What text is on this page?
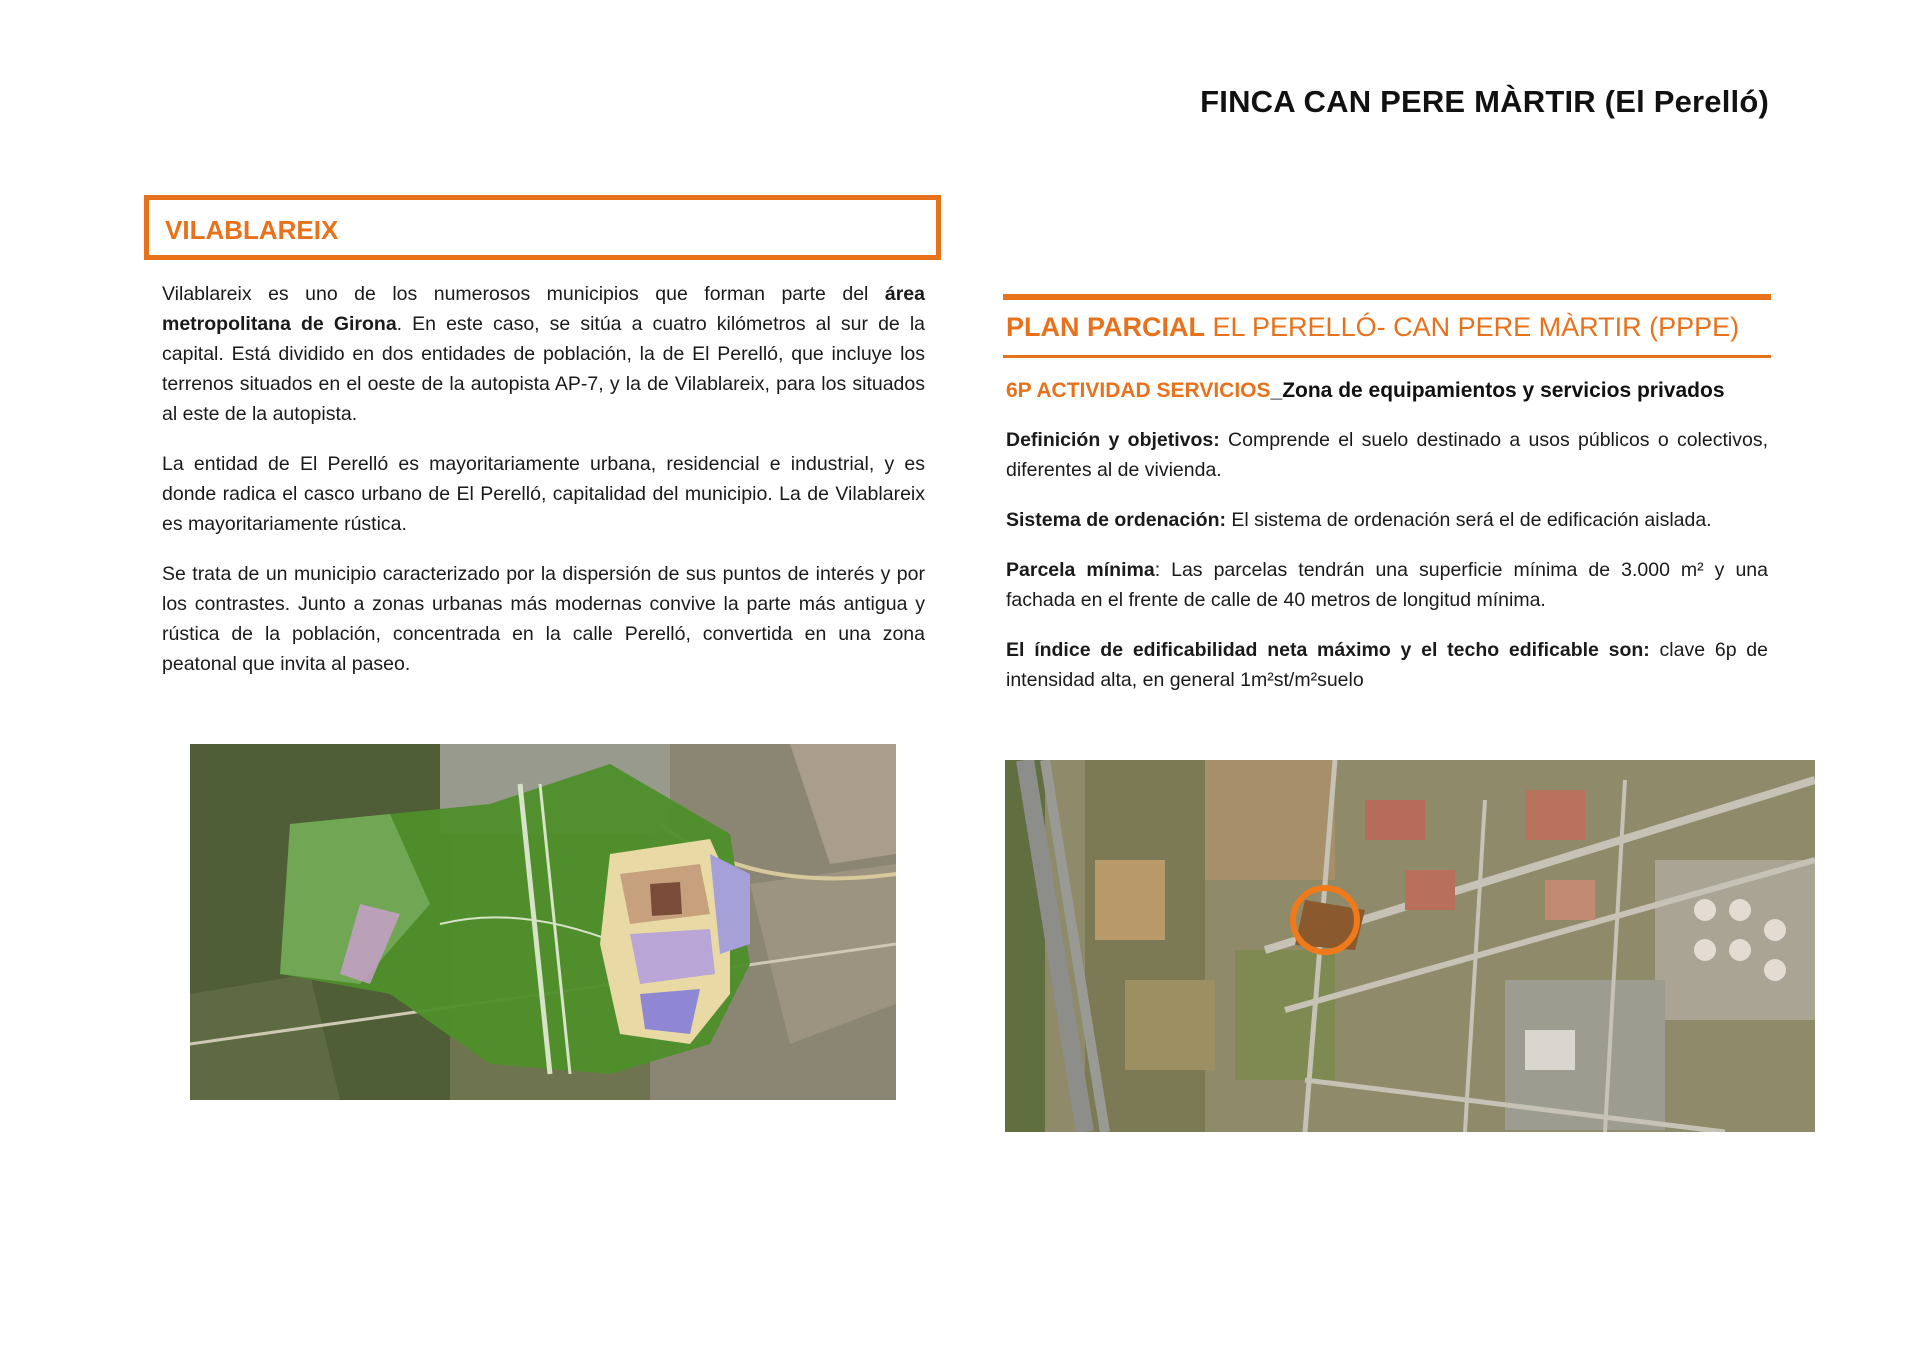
FINCA CAN PERE MÀRTIR (El Perelló)
VILABLAREIX

Vilablareix es uno de los numerosos municipios que forman parte del área metropolitana de Girona. En este caso, se sitúa a cuatro kilómetros al sur de la capital. Está dividido en dos entidades de población, la de El Perelló, que incluye los terrenos situados en el oeste de la autopista AP-7, y la de Vilablareix, para los situados al este de la autopista.

La entidad de El Perelló es mayoritariamente urbana, residencial e industrial, y es donde radica el casco urbano de El Perelló, capitalidad del municipio. La de Vilablareix es mayoritariamente rústica.

Se trata de un municipio caracterizado por la dispersión de sus puntos de interés y por los contrastes. Junto a zonas urbanas más modernas convive la parte más antigua y rústica de la población, concentrada en la calle Perelló, convertida en una zona peatonal que invita al paseo.

PLAN PARCIAL EL PERELLÓ- CAN PERE MÀRTIR (PPPE)
6P ACTIVIDAD SERVICIOS_Zona de equipamientos y servicios privados

Definición y objetivos: Comprende el suelo destinado a usos públicos o colectivos, diferentes al de vivienda.

Sistema de ordenación: El sistema de ordenación será el de edificación aislada.

Parcela mínima: Las parcelas tendrán una superficie mínima de 3.000 m² y una fachada en el frente de calle de 40 metros de longitud mínima.

El índice de edificabilidad neta máximo y el techo edificable son: clave 6p de intensidad alta, en general 1m²st/m²suelo
